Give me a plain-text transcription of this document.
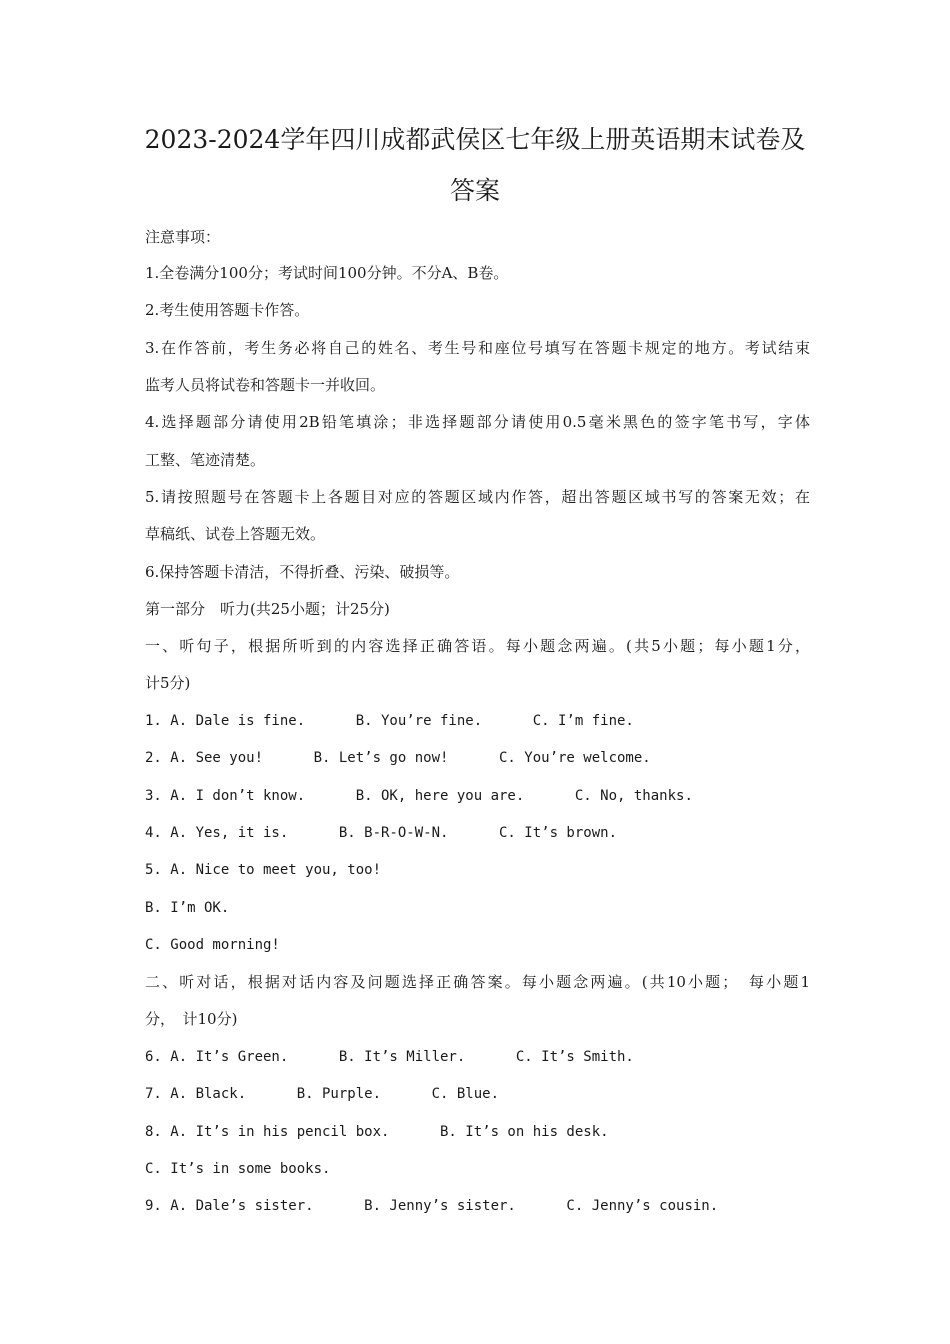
2023-2024学年四川成都武侯区七年级上册英语期末试卷及
答案
注意事项：
1.全卷满分100分；考试时间100分钟。不分A、B卷。
2.考生使用答题卡作答。
3.在作答前，考生务必将自己的姓名、考生号和座位号填写在答题卡规定的地方。考试结束
监考人员将试卷和答题卡一并收回。
4.选择题部分请使用2B铅笔填涂；非选择题部分请使用0.5毫米黑色的签字笔书写，字体
工整、笔迹清楚。
5.请按照题号在答题卡上各题目对应的答题区域内作答，超出答题区域书写的答案无效；在
草稿纸、试卷上答题无效。
6.保持答题卡清洁，不得折叠、污染、破损等。
第一部分　听力(共25小题；计25分)
一、听句子，根据所听到的内容选择正确答语。每小题念两遍。(共5小题；每小题1分，
计5分)
1. A. Dale is fine.      B. You’re fine.      C. I’m fine.
2. A. See you!      B. Let’s go now!      C. You’re welcome.
3. A. I don’t know.      B. OK, here you are.      C. No, thanks.
4. A. Yes, it is.      B. B-R-O-W-N.      C. It’s brown.
5. A. Nice to meet you, too!
B. I’m OK.
C. Good morning!
二、听对话，根据对话内容及问题选择正确答案。每小题念两遍。(共10小题；　每小题1
分，　计10分)
6. A. It’s Green.      B. It’s Miller.      C. It’s Smith.
7. A. Black.      B. Purple.      C. Blue.
8. A. It’s in his pencil box.      B. It’s on his desk.
C. It’s in some books.
9. A. Dale’s sister.      B. Jenny’s sister.      C. Jenny’s cousin.
